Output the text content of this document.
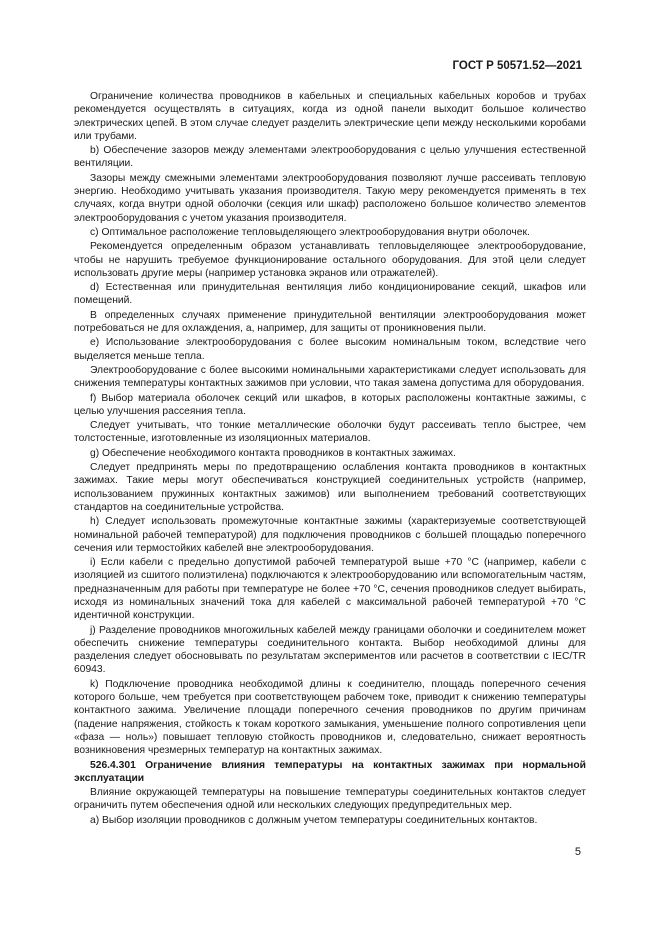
ГОСТ Р 50571.52—2021

Ограничение количества проводников в кабельных и специальных кабельных коробов и трубах рекомендуется осуществлять в ситуациях, когда из одной панели выходит большое количество электрических цепей. В этом случае следует разделить электрические цепи между несколькими коробами или трубами.

b) Обеспечение зазоров между элементами электрооборудования с целью улучшения естественной вентиляции.

Зазоры между смежными элементами электрооборудования позволяют лучше рассеивать тепловую энергию. Необходимо учитывать указания производителя. Такую меру рекомендуется применять в тех случаях, когда внутри одной оболочки (секция или шкаф) расположено большое количество элементов электрооборудования с учетом указания производителя.

c) Оптимальное расположение тепловыделяющего электрооборудования внутри оболочек.

Рекомендуется определенным образом устанавливать тепловыделяющее электрооборудование, чтобы не нарушить требуемое функционирование остального оборудования. Для этой цели следует использовать другие меры (например установка экранов или отражателей).

d) Естественная или принудительная вентиляция либо кондиционирование секций, шкафов или помещений.

В определенных случаях применение принудительной вентиляции электрооборудования может потребоваться не для охлаждения, а, например, для защиты от проникновения пыли.

e) Использование электрооборудования с более высоким номинальным током, вследствие чего выделяется меньше тепла.

Электрооборудование с более высокими номинальными характеристиками следует использовать для снижения температуры контактных зажимов при условии, что такая замена допустима для оборудования.

f) Выбор материала оболочек секций или шкафов, в которых расположены контактные зажимы, с целью улучшения рассеяния тепла.

Следует учитывать, что тонкие металлические оболочки будут рассеивать тепло быстрее, чем толстостенные, изготовленные из изоляционных материалов.

g) Обеспечение необходимого контакта проводников в контактных зажимах.

Следует предпринять меры по предотвращению ослабления контакта проводников в контактных зажимах. Такие меры могут обеспечиваться конструкцией соединительных устройств (например, использованием пружинных контактных зажимов) или выполнением требований соответствующих стандартов на соединительные устройства.

h) Следует использовать промежуточные контактные зажимы (характеризуемые соответствующей номинальной рабочей температурой) для подключения проводников с большей площадью поперечного сечения или термостойких кабелей вне электрооборудования.

i) Если кабели с предельно допустимой рабочей температурой выше +70 °С (например, кабели с изоляцией из сшитого полиэтилена) подключаются к электрооборудованию или вспомогательным частям, предназначенным для работы при температуре не более +70 °С, сечения проводников следует выбирать, исходя из номинальных значений тока для кабелей с максимальной рабочей температурой +70 °С идентичной конструкции.

j) Разделение проводников многожильных кабелей между границами оболочки и соединителем может обеспечить снижение температуры соединительного контакта. Выбор необходимой длины для разделения следует обосновывать по результатам экспериментов или расчетов в соответствии с IEC/TR 60943.

k) Подключение проводника необходимой длины к соединителю, площадь поперечного сечения которого больше, чем требуется при соответствующем рабочем токе, приводит к снижению температуры контактного зажима. Увеличение площади поперечного сечения проводников по другим причинам (падение напряжения, стойкость к токам короткого замыкания, уменьшение полного сопротивления цепи «фаза — ноль») повышает тепловую стойкость проводников и, следовательно, снижает вероятность возникновения чрезмерных температур на контактных зажимах.

526.4.301 Ограничение влияния температуры на контактных зажимах при нормальной эксплуатации

Влияние окружающей температуры на повышение температуры соединительных контактов следует ограничить путем обеспечения одной или нескольких следующих предупредительных мер.

a) Выбор изоляции проводников с должным учетом температуры соединительных контактов.

5
